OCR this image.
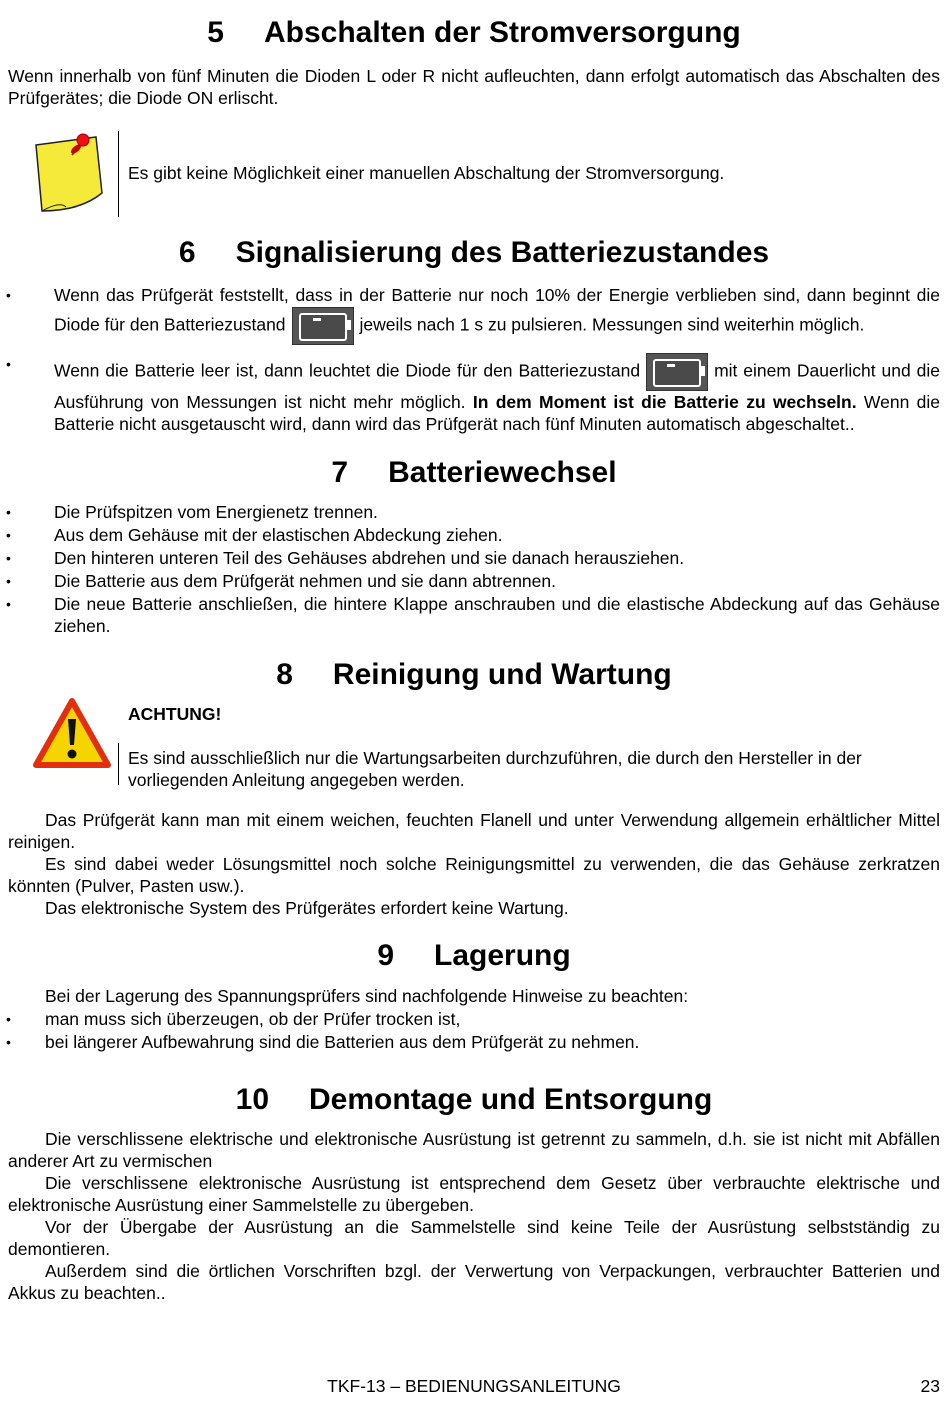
5 Abschalten der Stromversorgung

Wenn innerhalb von fünf Minuten die Dioden L oder R nicht aufleuchten, dann erfolgt automatisch das Abschalten des Prüfgerätes; die Diode ON erlischt.

Es gibt keine Möglichkeit einer manuellen Abschaltung der Stromversorgung.
6 Signalisierung des Batteriezustandes
• Wenn das Prüfgerät feststellt, dass in der Batterie nur noch 10% der Energie verblieben sind, dann beginnt die Diode für den Batteriezustand	jeweils nach 1 s zu pulsieren. Messungen sind weiterhin möglich.
• Wenn die Batterie leer ist, dann leuchtet die Diode für den Batteriezustand	mit einem Dauerlicht und die Ausführung von Messungen ist nicht mehr möglich. In dem Moment ist die Batterie zu wechseln. Wenn die Batterie nicht ausgetauscht wird, dann wird das Prüfgerät nach fünf Minuten automatisch abgeschaltet..
7 Batteriewechsel
• Die Prüfspitzen vom Energienetz trennen.
• Aus dem Gehäuse mit der elastischen Abdeckung ziehen.
• Den hinteren unteren Teil des Gehäuses abdrehen und sie danach herausziehen.
• Die Batterie aus dem Prüfgerät nehmen und sie dann abtrennen.
• Die neue Batterie anschließen, die hintere Klappe anschrauben und die elastische Abdeckung auf das Gehäuse ziehen.
8 Reinigung und Wartung
ACHTUNG!
Es sind ausschließlich nur die Wartungsarbeiten durchzuführen, die durch den Hersteller in der vorliegenden Anleitung angegeben werden.

Das Prüfgerät kann man mit einem weichen, feuchten Flanell und unter Verwendung allgemein erhältlicher Mittel reinigen.

Es sind dabei weder Lösungsmittel noch solche Reinigungsmittel zu verwenden, die das Gehäuse zerkratzen könnten (Pulver, Pasten usw.).

Das elektronische System des Prüfgerätes erfordert keine Wartung.

9 Lagerung

Bei der Lagerung des Spannungsprüfers sind nachfolgende Hinweise zu beachten:

• man muss sich überzeugen, ob der Prüfer trocken ist,
• bei längerer Aufbewahrung sind die Batterien aus dem Prüfgerät zu nehmen.
10 Demontage und Entsorgung

Die verschlissene elektrische und elektronische Ausrüstung ist getrennt zu sammeln, d.h. sie ist nicht mit Abfällen anderer Art zu vermischen

Die verschlissene elektronische Ausrüstung ist entsprechend dem Gesetz über verbrauchte elektrische und elektronische Ausrüstung einer Sammelstelle zu übergeben.

Vor der Übergabe der Ausrüstung an die Sammelstelle sind keine Teile der Ausrüstung selbstständig zu demontieren.

Außerdem sind die örtlichen Vorschriften bzgl. der Verwertung von Verpackungen, verbrauchter Batterien und Akkus zu beachten..

TKF-13 – BEDIENUNGSANLEITUNG	23
